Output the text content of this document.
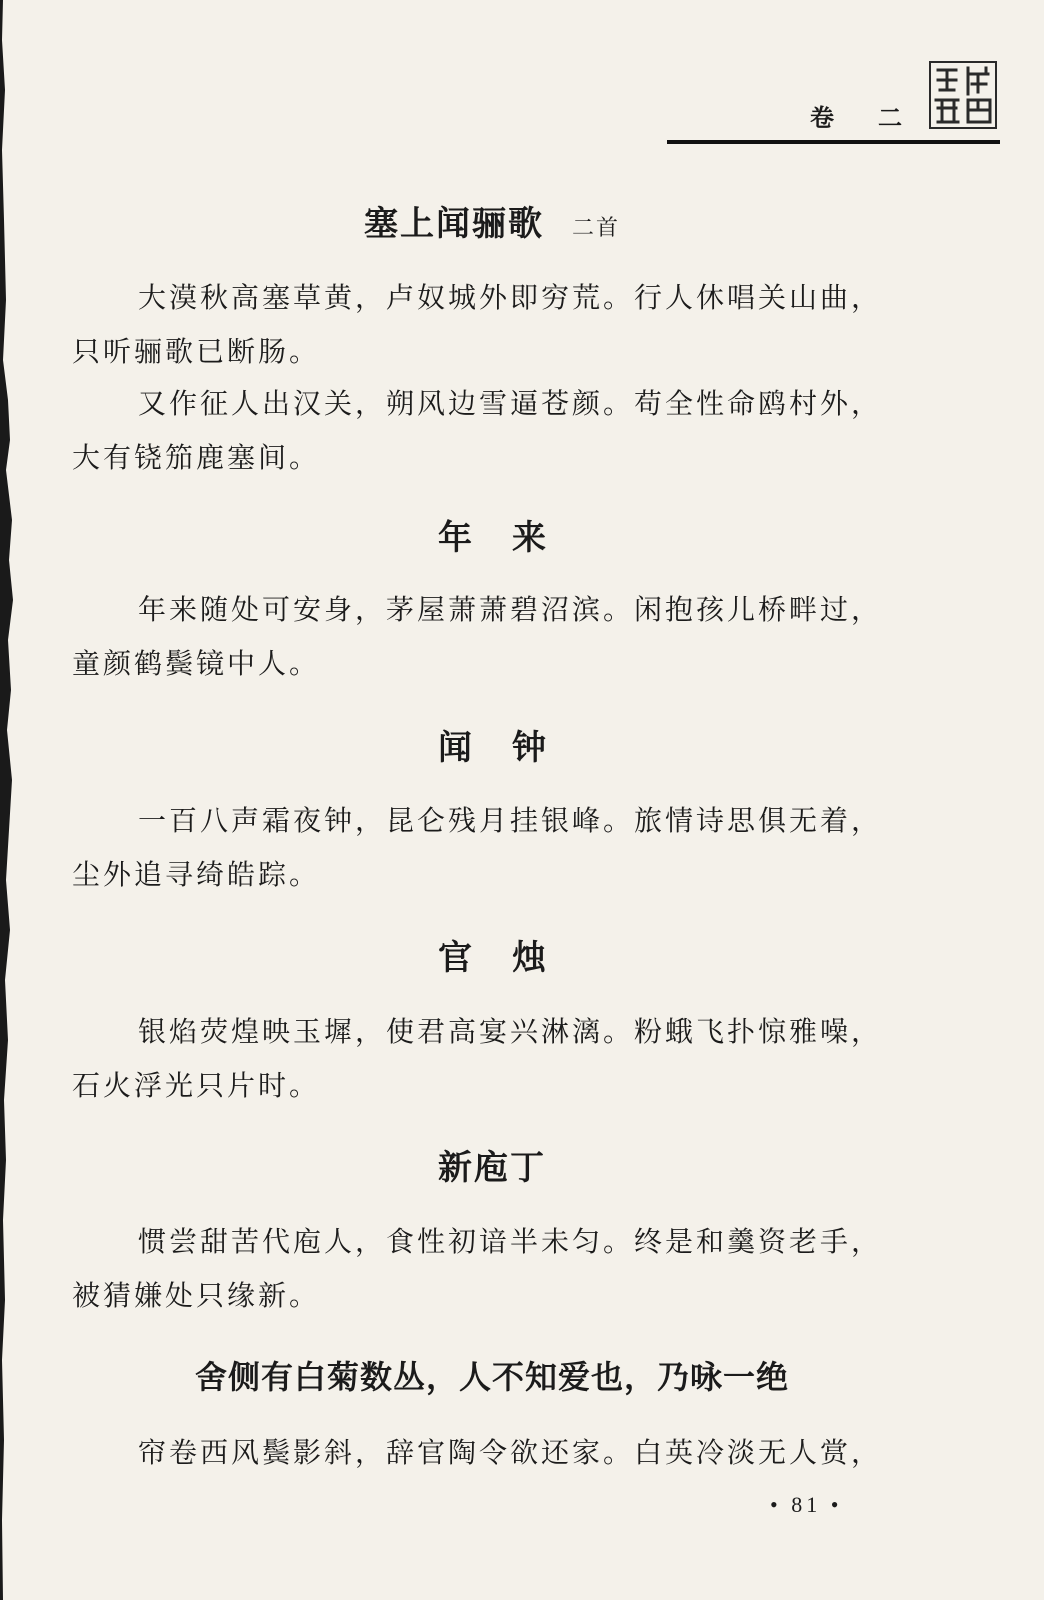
卷　二
塞上闻骊歌 二首

大漠秋高塞草黄，卢奴城外即穷荒。行人休唱关山曲，只听骊歌已断肠。

又作征人出汉关，朔风边雪逼苍颜。苟全性命鸥村外，大有铙笳鹿塞间。

年来

年来随处可安身，茅屋萧萧碧沼滨。闲抱孩儿桥畔过，童颜鹤鬓镜中人。

闻钟

一百八声霜夜钟，昆仑残月挂银峰。旅情诗思俱无着，尘外追寻绮皓踪。

官烛

银焰荧煌映玉墀，使君高宴兴淋漓。粉蛾飞扑惊雅噪，石火浮光只片时。

新庖丁

惯尝甜苦代庖人，食性初谙半未匀。终是和羹资老手，被猜嫌处只缘新。

舍侧有白菊数丛，人不知爱也，乃咏一绝

帘卷西风鬓影斜，辞官陶令欲还家。白英冷淡无人赏，

• 81 •
